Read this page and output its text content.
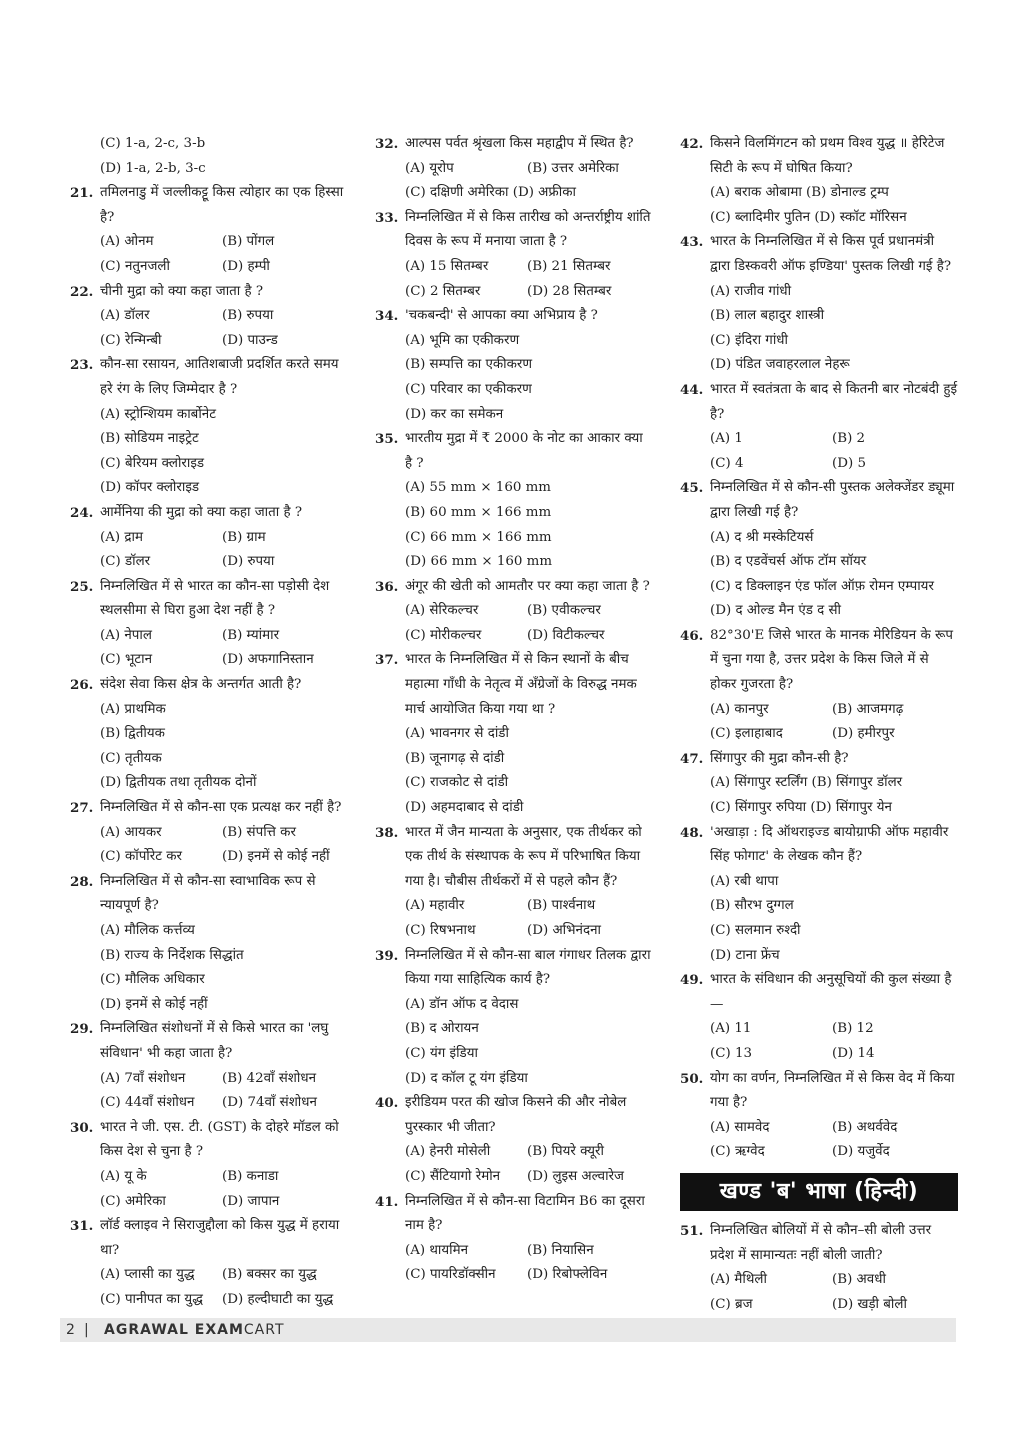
(C) 1-a, 2-c, 3-b
(D) 1-a, 2-b, 3-c
21. तमिलनाडु में जल्लीकट्टू किस त्योहार का एक हिस्सा है?
(A) ओनम	(B) पोंगल
(C) नतुनजली	(D) हम्पी
22. चीनी मुद्रा को क्या कहा जाता है ?
(A) डॉलर	(B) रुपया
(C) रेन्मिन्बी	(D) पाउन्ड
23. कौन-सा रसायन, आतिशबाजी प्रदर्शित करते समय हरे रंग के लिए जिम्मेदार है ?
(A) स्ट्रोन्शियम कार्बोनेट
(B) सोडियम नाइट्रेट
(C) बेरियम क्लोराइड
(D) कॉपर क्लोराइड
24. आर्मेनिया की मुद्रा को क्या कहा जाता है ?
(A) द्राम	(B) ग्राम
(C) डॉलर	(D) रुपया
25. निम्नलिखित में से भारत का कौन-सा पड़ोसी देश स्थलसीमा से घिरा हुआ देश नहीं है ?
(A) नेपाल	(B) म्यांमार
(C) भूटान	(D) अफगानिस्तान
26. संदेश सेवा किस क्षेत्र के अन्तर्गत आती है?
(A) प्राथमिक
(B) द्वितीयक
(C) तृतीयक
(D) द्वितीयक तथा तृतीयक दोनों
27. निम्नलिखित में से कौन-सा एक प्रत्यक्ष कर नहीं है?
(A) आयकर	(B) संपत्ति कर
(C) कॉर्पोरेट कर	(D) इनमें से कोई नहीं
28. निम्नलिखित में से कौन-सा स्वाभाविक रूप से न्यायपूर्ण है?
(A) मौलिक कर्त्तव्य
(B) राज्य के निर्देशक सिद्धांत
(C) मौलिक अधिकार
(D) इनमें से कोई नहीं
29. निम्नलिखित संशोधनों में से किसे भारत का 'लघु संविधान' भी कहा जाता है?
(A) 7वाँ संशोधन	(B) 42वाँ संशोधन
(C) 44वाँ संशोधन (D) 74वाँ संशोधन
30. भारत ने जी. एस. टी. (GST) के दोहरे मॉडल को किस देश से चुना है ?
(A) यू के	(B) कनाडा
(C) अमेरिका	(D) जापान
31. लॉर्ड क्लाइव ने सिराजुद्दौला को किस युद्ध में हराया था?
(A) प्लासी का युद्ध (B) बक्सर का युद्ध
(C) पानीपत का युद्ध (D) हल्दीघाटी का युद्ध
32. आल्पस पर्वत श्रृंखला किस महाद्वीप में स्थित है?
(A) यूरोप	(B) उत्तर अमेरिका
(C) दक्षिणी अमेरिका (D) अफ्रीका
33. निम्नलिखित में से किस तारीख को अन्तर्राष्ट्रीय शांति दिवस के रूप में मनाया जाता है ?
(A) 15 सितम्बर	(B) 21 सितम्बर
(C) 2 सितम्बर	(D) 28 सितम्बर
34. 'चकबन्दी' से आपका क्या अभिप्राय है ?
(A) भूमि का एकीकरण
(B) सम्पत्ति का एकीकरण
(C) परिवार का एकीकरण
(D) कर का समेकन
35. भारतीय मुद्रा में ₹ 2000 के नोट का आकार क्या है ?
(A) 55 mm × 160 mm
(B) 60 mm × 166 mm
(C) 66 mm × 166 mm
(D) 66 mm × 160 mm
36. अंगूर की खेती को आमतौर पर क्या कहा जाता है ?
(A) सेरिकल्चर	(B) एवीकल्चर
(C) मोरीकल्चर	(D) विटीकल्चर
37. भारत के निम्नलिखित में से किन स्थानों के बीच महात्मा गाँधी के नेतृत्व में अँग्रेजों के विरुद्ध नमक मार्च आयोजित किया गया था ?
(A) भावनगर से दांडी
(B) जूनागढ़ से दांडी
(C) राजकोट से दांडी
(D) अहमदाबाद से दांडी
38. भारत में जैन मान्यता के अनुसार, एक तीर्थकर को एक तीर्थ के संस्थापक के रूप में परिभाषित किया गया है। चौबीस तीर्थकरों में से पहले कौन हैं?
(A) महावीर	(B) पार्श्वनाथ
(C) रिषभनाथ	(D) अभिनंदना
39. निम्नलिखित में से कौन-सा बाल गंगाधर तिलक द्वारा किया गया साहित्यिक कार्य है?
(A) डॉन ऑफ द वेदास
(B) द ओरायन
(C) यंग इंडिया
(D) द कॉल टू यंग इंडिया
40. इरीडियम परत की खोज किसने की और नोबेल पुरस्कार भी जीता?
(A) हेनरी मोसेली	(B) पियरे क्यूरी
(C) सैंटियागो रेमोन (D) लुइस अल्वारेज
41. निम्नलिखित में से कौन-सा विटामिन B6 का दूसरा नाम है?
(A) थायमिन	(B) नियासिन
(C) पायरिडॉक्सीन (D) रिबोफ्लेविन
42. किसने विलमिंगटन को प्रथम विश्व युद्ध ॥ हेरिटेज सिटी के रूप में घोषित किया?
(A) बराक ओबामा (B) डोनाल्ड ट्रम्प
(C) ब्लादिमीर पुतिन (D) स्कॉट मॉरिसन
43. भारत के निम्नलिखित में से किस पूर्व प्रधानमंत्री द्वारा डिस्कवरी ऑफ इण्डिया' पुस्तक लिखी गई है?
(A) राजीव गांधी
(B) लाल बहादुर शास्त्री
(C) इंदिरा गांधी
(D) पंडित जवाहरलाल नेहरू
44. भारत में स्वतंत्रता के बाद से कितनी बार नोटबंदी हुई है?
(A) 1	(B) 2
(C) 4	(D) 5
45. निम्नलिखित में से कौन-सी पुस्तक अलेक्जेंडर ड्यूमा द्वारा लिखी गई है?
(A) द श्री मस्केटियर्स
(B) द एडवेंचर्स ऑफ टॉम सॉयर
(C) द डिक्लाइन एंड फॉल ऑफ़ रोमन एम्पायर
(D) द ओल्ड मैन एंड द सी
46. 82°30'E जिसे भारत के मानक मेरिडियन के रूप में चुना गया है, उत्तर प्रदेश के किस जिले में से होकर गुजरता है?
(A) कानपुर	(B) आजमगढ़
(C) इलाहाबाद	(D) हमीरपुर
47. सिंगापुर की मुद्रा कौन-सी है?
(A) सिंगापुर स्टर्लिंग (B) सिंगापुर डॉलर
(C) सिंगापुर रुपिया (D) सिंगापुर येन
48. 'अखाड़ा : दि ऑथराइज्ड बायोग्राफी ऑफ महावीर सिंह फोगाट' के लेखक कौन हैं?
(A) रबी थापा
(B) सौरभ दुग्गल
(C) सलमान रुश्दी
(D) टाना फ्रेंच
49. भारत के संविधान की अनुसूचियों की कुल संख्या है—
(A) 11	(B) 12
(C) 13	(D) 14
50. योग का वर्णन, निम्नलिखित में से किस वेद में किया गया है?
(A) सामवेद	(B) अथर्ववेद
(C) ऋग्वेद	(D) यजुर्वेद
खण्ड 'ब' भाषा (हिन्दी)
51. निम्नलिखित बोलियों में से कौन–सी बोली उत्तर प्रदेश में सामान्यतः नहीं बोली जाती?
(A) मैथिली	(B) अवधी
(C) ब्रज	(D) खड़ी बोली
2 | AGRAWAL EXAMCART
